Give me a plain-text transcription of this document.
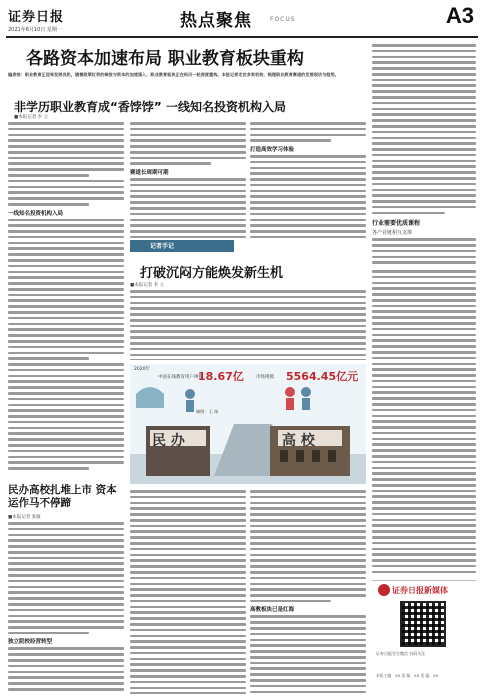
证券日报
2021年6月10日 星期一	热点聚焦	FOCUS	A3
各路资本加速布局 职业教育板块重构
编者按：职业教育正迎来发展良机，随着政策红利的释放与资本的加速涌入，职业教育板块正在经历一轮深度重构。本报记者走访多家机构，梳理职业教育赛道的发展现状与趋势。
非学历职业教育成“香饽饽” 一线知名投资机构入局
■本报记者 李 立
一线知名投资机构入局
赛道长周期可期
打造高效学习体验
行业需要优质课程
各产业链相互支撑
记者手记
打破沉闷方能焕发新生机
■本报记者 李 立
2020年
中国在线教育用户规模
18.67亿	市场规模 5564.45亿元
制图：王 琛
民 办	高 校
民办高校扎堆上市 资本运作马不停蹄
■本报记者 张敏
独立院校经营转型
高教板块已是红海
证券日报新媒体
证券日报官方微信 扫码关注
本版主编：XX 责 编：XX 美 编：XX
